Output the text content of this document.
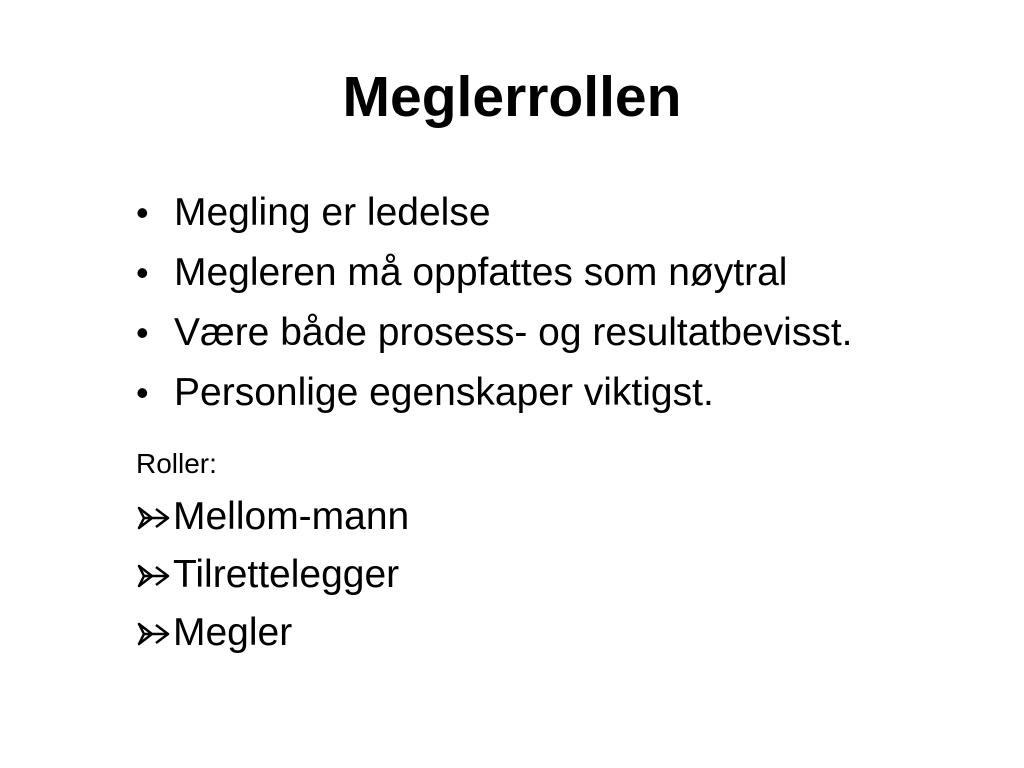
Meglerrollen
• Megling er ledelse
• Megleren må oppfattes som nøytral
• Være både prosess- og resultatbevisst.
• Personlige egenskaper viktigst.

Roller:

Mellom-mann
Tilrettelegger
Megler
